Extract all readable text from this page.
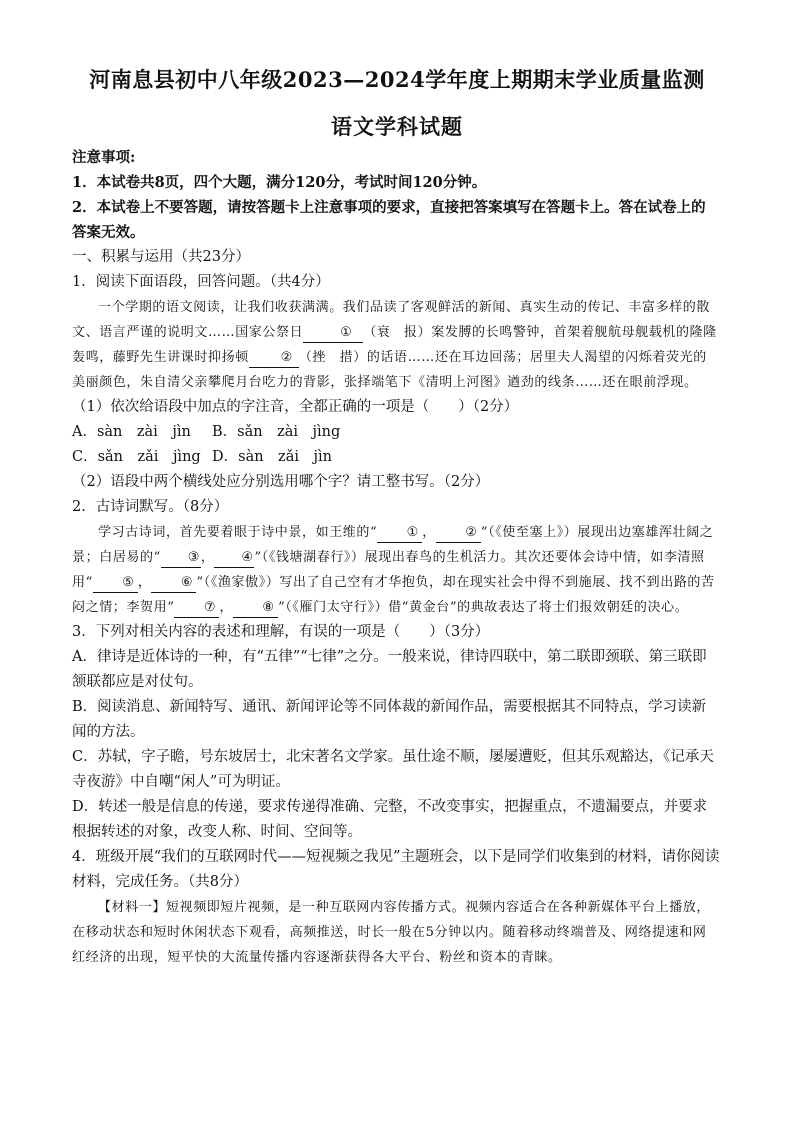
河南息县初中八年级2023—2024学年度上期期末学业质量监测
语文学科试题

注意事项:

1．本试卷共8页，四个大题，满分120分，考试时间120分钟。

2．本试卷上不要答题，请按答题卡上注意事项的要求，直接把答案填写在答题卡上。答在试卷上的答案无效。

一、积累与运用（共23分）

1．阅读下面语段，回答问题。（共4分）

一个学期的语文阅读，让我们收获满满。我们品读了客观鲜活的新闻、真实生动的传记、丰富多样的散文、语言严谨的说明文……国家公祭日	① （衰　报）案发膊的长鸣警钟，首架着舰航母舰载机的隆隆轰鸣，藤野先生讲课时抑扬顿 ② （挫　措）的话语……还在耳边回荡；居里夫人渴望的闪烁着荧光的美丽颜色，朱自清父亲攀爬月台吃力的背影，张择端笔下《清明上河图》遒劲的线条……还在眼前浮现。

（1）依次给语段中加点的字注音，全都正确的一项是（　　）（2分）

A．sàn　zài　jìn B．sǎn　zài　jìng

C．sǎn　zǎi　jìng D．sàn　zǎi　jìn

（2）语段中两个横线处应分别选用哪个字？请工整书写。（2分）

2．古诗词默写。（8分）

学习古诗词，首先要着眼于诗中景，如王维的“ ① ， ② ”（《使至塞上》）展现出边塞雄浑壮阔之景；白居易的“ ③， ④”（《钱塘湖春行》）展现出春鸟的生机活力。其次还要体会诗中情，如李清照用“ ⑤ ， ⑥ ”（《渔家傲》）写出了自己空有才华抱负，却在现实社会中得不到施展、找不到出路的苦闷之情；李贺用“ ⑦ ， ⑧ ”（《雁门太守行》）借“黄金台”的典故表达了将士们报效朝廷的决心。

3．下列对相关内容的表述和理解，有误的一项是（　　）（3分）

A．律诗是近体诗的一种，有“五律”“七律”之分。一般来说，律诗四联中，第二联即颈联、第三联即颔联都应是对仗句。

B．阅读消息、新闻特写、通讯、新闻评论等不同体裁的新闻作品，需要根据其不同特点，学习读新闻的方法。

C．苏轼，字子瞻，号东坡居士，北宋著名文学家。虽仕途不顺，屡屡遭贬，但其乐观豁达，《记承天寺夜游》中自嘲“闲人”可为明证。

D．转述一般是信息的传递，要求传递得准确、完整，不改变事实，把握重点，不遗漏要点，并要求根据转述的对象，改变人称、时间、空间等。

4．班级开展“我们的互联网时代——短视频之我见”主题班会，以下是同学们收集到的材料，请你阅读材料，完成任务。（共8分）

【材料一】短视频即短片视频，是一种互联网内容传播方式。视频内容适合在各种新媒体平台上播放，在移动状态和短时休闲状态下观看，高频推送，时长一般在5分钟以内。随着移动终端普及、网络提速和网红经济的出现，短平快的大流量传播内容逐渐获得各大平台、粉丝和资本的青睐。
